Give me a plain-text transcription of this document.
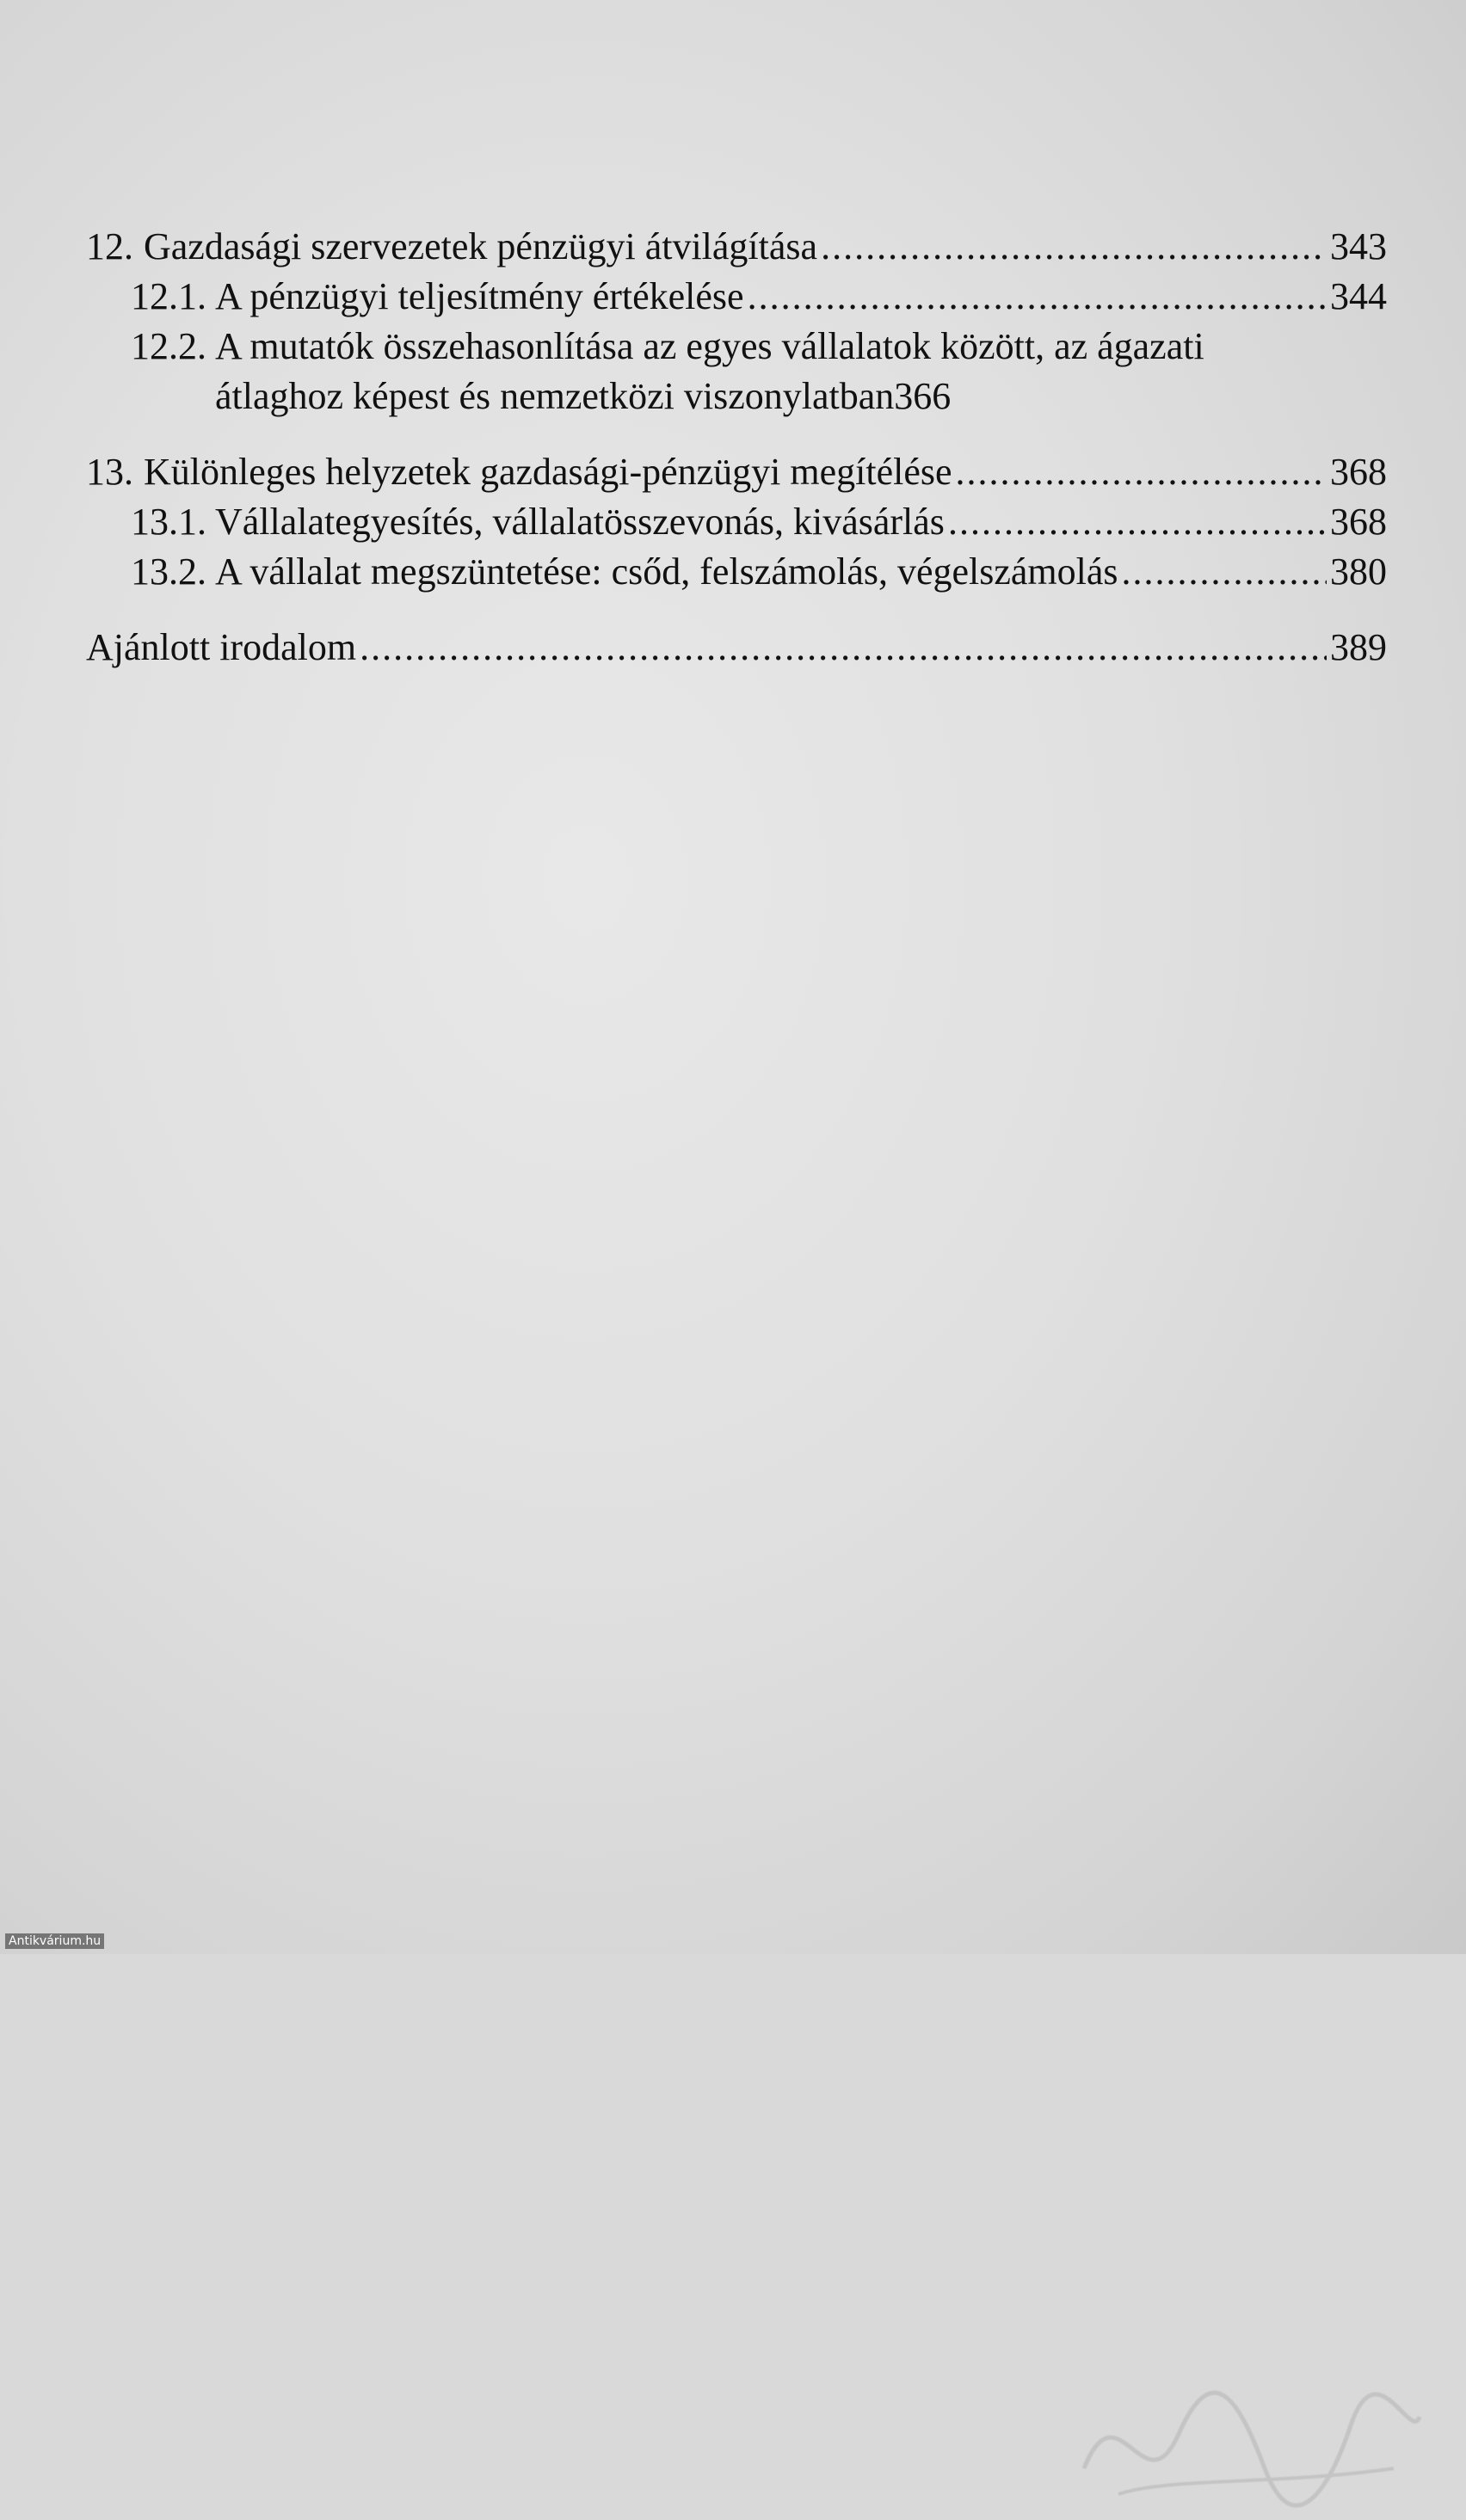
12. Gazdasági szervezetek pénzügyi átvilágítása .....	343
12.1. A pénzügyi teljesítmény értékelése .....	344
12.2. A mutatók összehasonlítása az egyes vállalatok között, az ágazati
átlaghoz képest és nemzetközi viszonylatban 366
13. Különleges helyzetek gazdasági-pénzügyi megítélése .....	368
13.1. Vállalategyesítés, vállalatösszevonás, kivásárlás .....	368
13.2. A vállalat megszüntetése: csőd, felszámolás, végelszámolás .....	380
Ajánlott irodalom .....	389
Antikvárium.hu
